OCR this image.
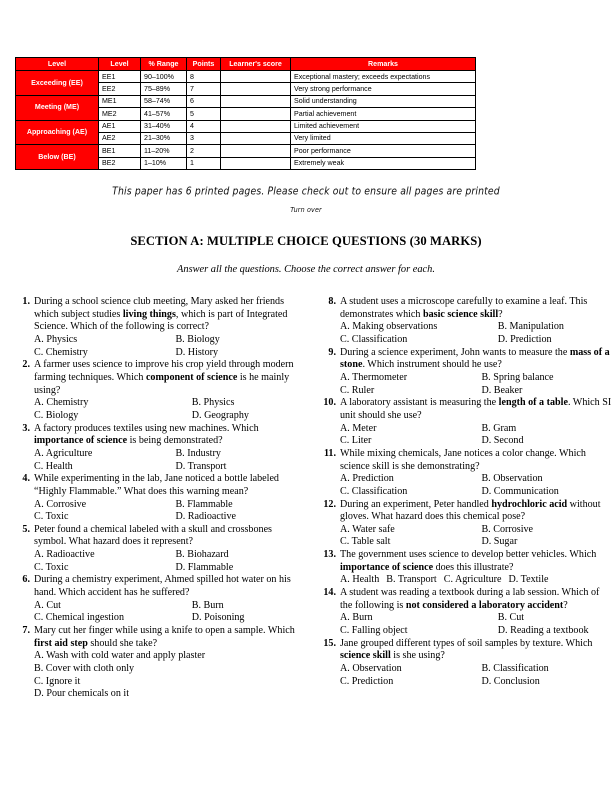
Level	Level	% Range	Points	Learner's score	Remarks
Exceeding (EE)	EE1	90–100%	8		Exceptional mastery; exceeds expectations
	EE2	75–89%	7		Very strong performance
Meeting (ME)	ME1	58–74%	6		Solid understanding
	ME2	41–57%	5		Partial achievement
Approaching (AE)	AE1	31–40%	4		Limited achievement
	AE2	21–30%	3		Very limited
Below (BE)	BE1	11–20%	2		Poor performance
	BE2	1–10%	1		Extremely weak
This paper has 6 printed pages. Please check out to ensure all pages are printed
Turn over
SECTION A: MULTIPLE CHOICE QUESTIONS (30 MARKS)
Answer all the questions. Choose the correct answer for each.
1. During a school science club meeting, Mary asked her friends which subject studies living things, which is part of Integrated Science. Which of the following is correct?

A. Physics	B. Biology
C. Chemistry	D. History
2. A farmer uses science to improve his crop yield through modern farming techniques. Which component of science is he mainly using?

A. Chemistry	B. Physics
C. Biology	D. Geography
3. A factory produces textiles using new machines. Which importance of science is being demonstrated?

A. Agriculture	B. Industry
C. Health	D. Transport
4. While experimenting in the lab, Jane noticed a bottle labeled “Highly Flammable.” What does this warning mean?

A. Corrosive	B. Flammable
C. Toxic	D. Radioactive
5. Peter found a chemical labeled with a skull and crossbones symbol. What hazard does it represent?

A. Radioactive	B. Biohazard
C. Toxic	D. Flammable
6. During a chemistry experiment, Ahmed spilled hot water on his hand. Which accident has he suffered?

A. Cut	B. Burn
C. Chemical ingestion	D. Poisoning
7. Mary cut her finger while using a knife to open a sample. Which first aid step should she take?

A. Wash with cold water and apply plaster
B. Cover with cloth only
C. Ignore it
D. Pour chemicals on it
8. A student uses a microscope carefully to examine a leaf. This demonstrates which basic science skill?

A. Making observations	B. Manipulation
C. Classification	D. Prediction
9. During a science experiment, John wants to measure the mass of a stone. Which instrument should he use?

A. Thermometer	B. Spring balance
C. Ruler	D. Beaker
10. A laboratory assistant is measuring the length of a table. Which SI unit should she use?

A. Meter	B. Gram
C. Liter	D. Second
11. While mixing chemicals, Jane notices a color change. Which science skill is she demonstrating?

A. Prediction	B. Observation
C. Classification	D. Communication
12. During an experiment, Peter handled hydrochloric acid without gloves. What hazard does this chemical pose?

A. Water safe	B. Corrosive
C. Table salt	D. Sugar
13. The government uses science to develop better vehicles. Which importance of science does this illustrate?

A. Health B. Transport C. Agriculture D. Textile
14. A student was reading a textbook during a lab session. Which of the following is not considered a laboratory accident?

A. Burn	B. Cut
C. Falling object	D. Reading a textbook
15. Jane grouped different types of soil samples by texture. Which science skill is she using?

A. Observation	B. Classification
C. Prediction	D. Conclusion
